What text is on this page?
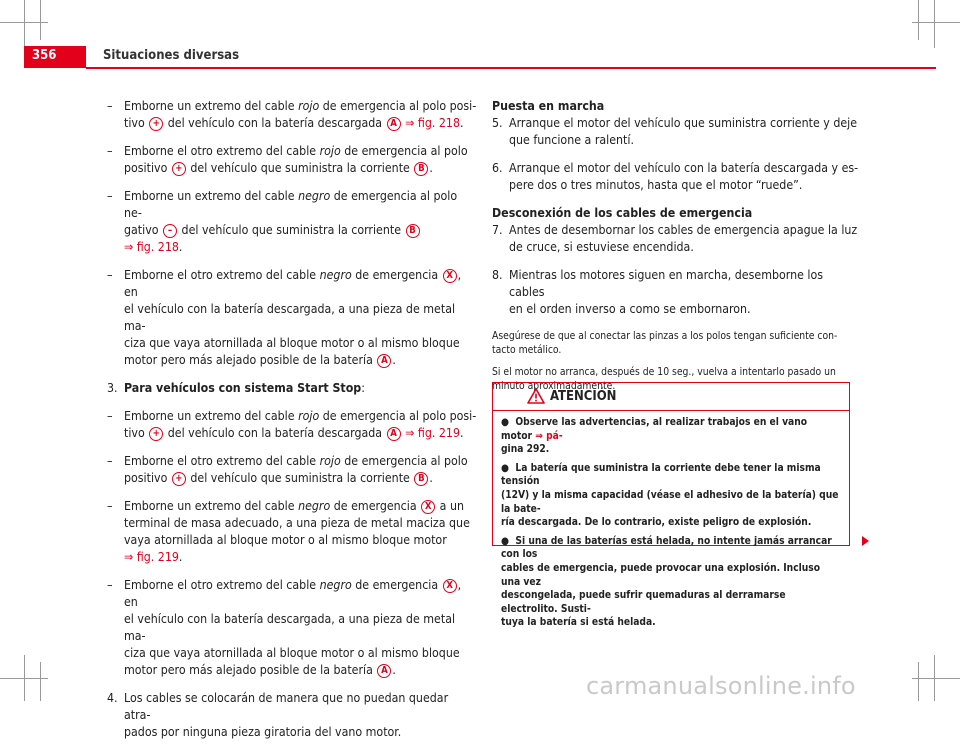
356	Situaciones diversas
– Emborne un extremo del cable rojo de emergencia al polo posi-

tivo + del vehículo con la batería descargada A ⇒ fig. 218.

– Emborne el otro extremo del cable rojo de emergencia al polo

positivo + del vehículo que suministra la corriente B .

– Emborne un extremo del cable negro de emergencia al polo ne-

gativo – del vehículo que suministra la corriente B

⇒ fig. 218.

– Emborne el otro extremo del cable negro de emergencia X , en

el vehículo con la batería descargada, a una pieza de metal ma-

ciza que vaya atornillada al bloque motor o al mismo bloque

motor pero más alejado posible de la batería A .

3. Para vehículos con sistema Start Stop:

– Emborne un extremo del cable rojo de emergencia al polo posi-

tivo + del vehículo con la batería descargada A ⇒ fig. 219.

– Emborne el otro extremo del cable rojo de emergencia al polo

positivo + del vehículo que suministra la corriente B .

– Emborne un extremo del cable negro de emergencia X a un

terminal de masa adecuado, a una pieza de metal maciza que

vaya atornillada al bloque motor o al mismo bloque motor

⇒ fig. 219.

– Emborne el otro extremo del cable negro de emergencia X , en

el vehículo con la batería descargada, a una pieza de metal ma-

ciza que vaya atornillada al bloque motor o al mismo bloque

motor pero más alejado posible de la batería A .

4. Los cables se colocarán de manera que no puedan quedar atra-

pados por ninguna pieza giratoria del vano motor.

Puesta en marcha

5. Arranque el motor del vehículo que suministra corriente y deje

que funcione a ralentí.

6. Arranque el motor del vehículo con la batería descargada y es-

pere dos o tres minutos, hasta que el motor “ruede”.

Desconexión de los cables de emergencia

7. Antes de desembornar los cables de emergencia apague la luz

de cruce, si estuviese encendida.

8. Mientras los motores siguen en marcha, desemborne los cables

en el orden inverso a como se embornaron.

Asegúrese de que al conectar las pinzas a los polos tengan suficiente con-

tacto metálico.

Si el motor no arranca, después de 10 seg., vuelva a intentarlo pasado un

minuto aproximadamente.

ATENCIÓN

● Observe las advertencias, al realizar trabajos en el vano motor ⇒ pá-
gina 292.

● La batería que suministra la corriente debe tener la misma tensión
(12V) y la misma capacidad (véase el adhesivo de la batería) que la bate-
ría descargada. De lo contrario, existe peligro de explosión.

● Si una de las baterías está helada, no intente jamás arrancar con los
cables de emergencia, puede provocar una explosión. Incluso una vez
descongelada, puede sufrir quemaduras al derramarse electrolito. Susti-
tuya la batería si está helada.

carmanualsonline.info
